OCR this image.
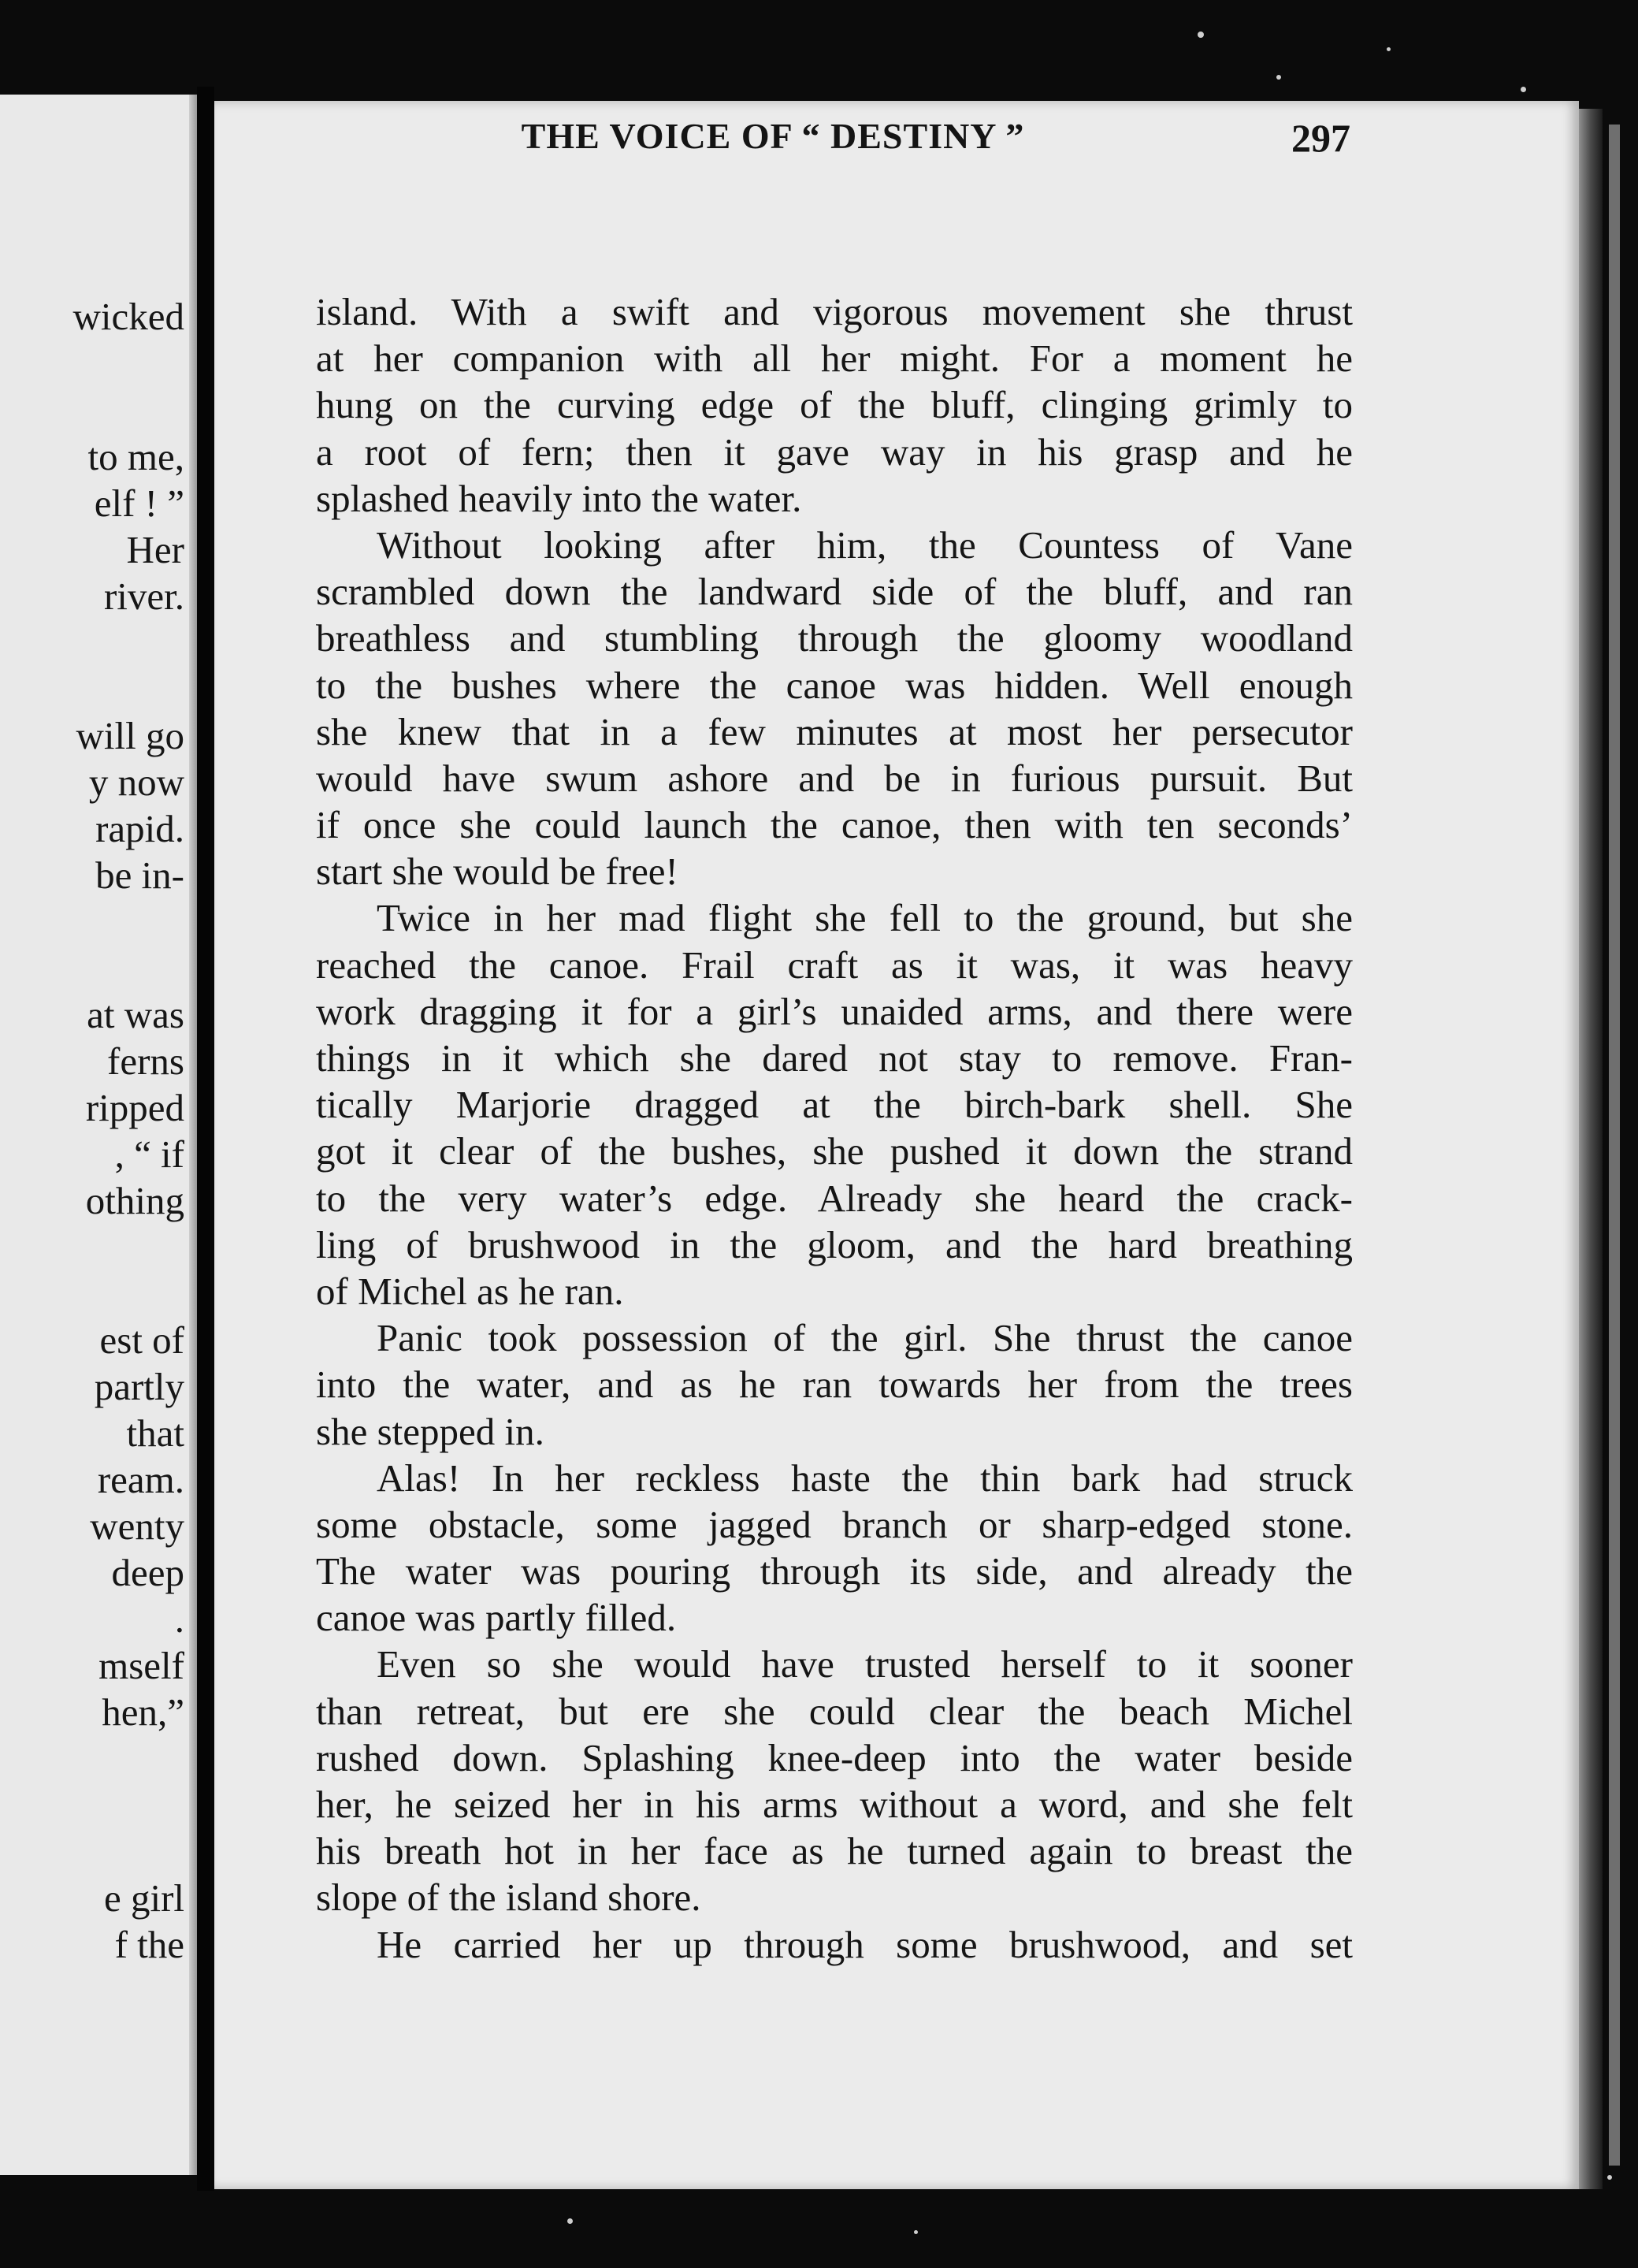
wicked
to me,
elf ! ”
Her
river.
will go
y now
rapid.
be in-
at was
ferns
ripped
, “ if
othing
est of
partly
that
ream.
wenty
deep
.
mself
hen,”
e girl
f the
THE VOICE OF “ DESTINY ”	297
island. With a swift and vigorous movement she thrust
at her companion with all her might. For a moment he
hung on the curving edge of the bluff, clinging grimly to
a root of fern; then it gave way in his grasp and he
splashed heavily into the water.
Without looking after him, the Countess of Vane
scrambled down the landward side of the bluff, and ran
breathless and stumbling through the gloomy woodland
to the bushes where the canoe was hidden. Well enough
she knew that in a few minutes at most her persecutor
would have swum ashore and be in furious pursuit. But
if once she could launch the canoe, then with ten seconds’
start she would be free!
Twice in her mad flight she fell to the ground, but she
reached the canoe. Frail craft as it was, it was heavy
work dragging it for a girl’s unaided arms, and there were
things in it which she dared not stay to remove. Fran-
tically Marjorie dragged at the birch-bark shell. She
got it clear of the bushes, she pushed it down the strand
to the very water’s edge. Already she heard the crack-
ling of brushwood in the gloom, and the hard breathing
of Michel as he ran.
Panic took possession of the girl. She thrust the canoe
into the water, and as he ran towards her from the trees
she stepped in.
Alas! In her reckless haste the thin bark had struck
some obstacle, some jagged branch or sharp-edged stone.
The water was pouring through its side, and already the
canoe was partly filled.
Even so she would have trusted herself to it sooner
than retreat, but ere she could clear the beach Michel
rushed down. Splashing knee-deep into the water beside
her, he seized her in his arms without a word, and she felt
his breath hot in her face as he turned again to breast the
slope of the island shore.
He carried her up through some brushwood, and set
